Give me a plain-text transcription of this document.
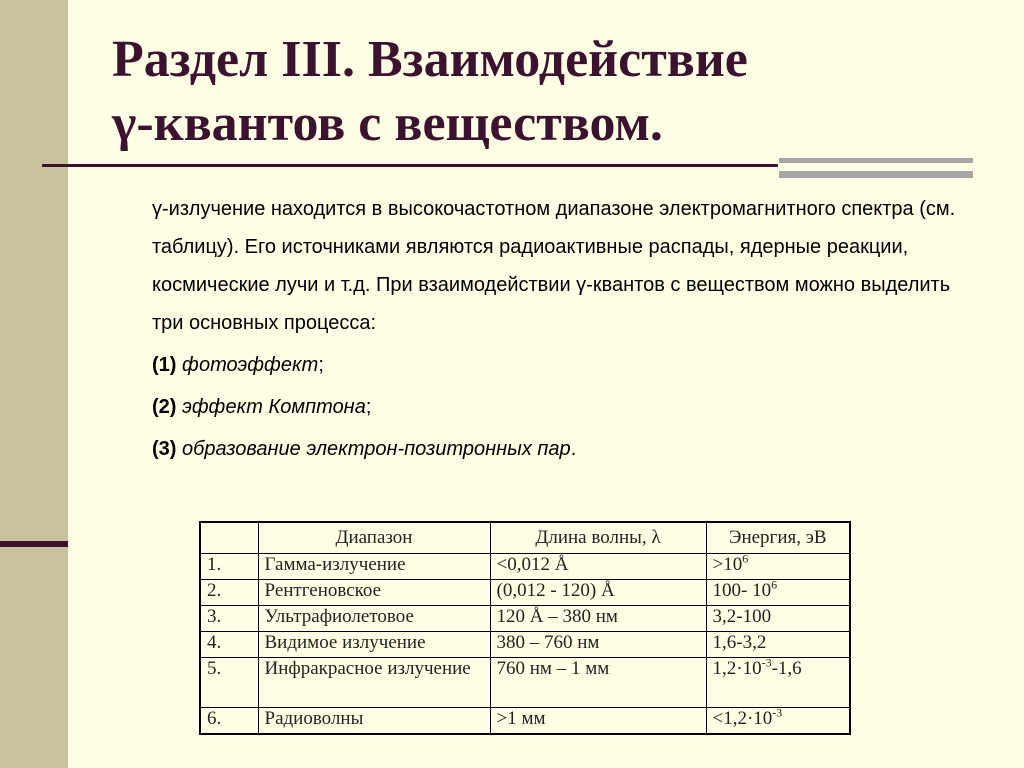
Раздел III. Взаимодействие
γ-квантов с веществом.

γ-излучение находится в высокочастотном диапазоне электромагнитного спектра (см. таблицу). Его источниками являются радиоактивные распады, ядерные реакции, космические лучи и т.д. При взаимодействии γ-квантов с веществом можно выделить три основных процесса:

(1) фотоэффект;

(2) эффект Комптона;

(3) образование электрон-позитронных пар.

	Диапазон	Длина волны, λ	Энергия, эВ
1.	Гамма-излучение	<0,012 Å	$>10^6$
2.	Рентгеновское	(0,012 - 120) Å	100- $10^6$
3.	Ультрафиолетовое	120 Å – 380 нм	3,2-100
4.	Видимое излучение	380 – 760 нм	1,6-3,2
5.	Инфракрасное излучение	760 нм – 1 мм	$1,2\cdot 10^{-3}-1,6$
6.	Радиоволны	>1 мм	$<1,2\cdot 10^{-3}$
